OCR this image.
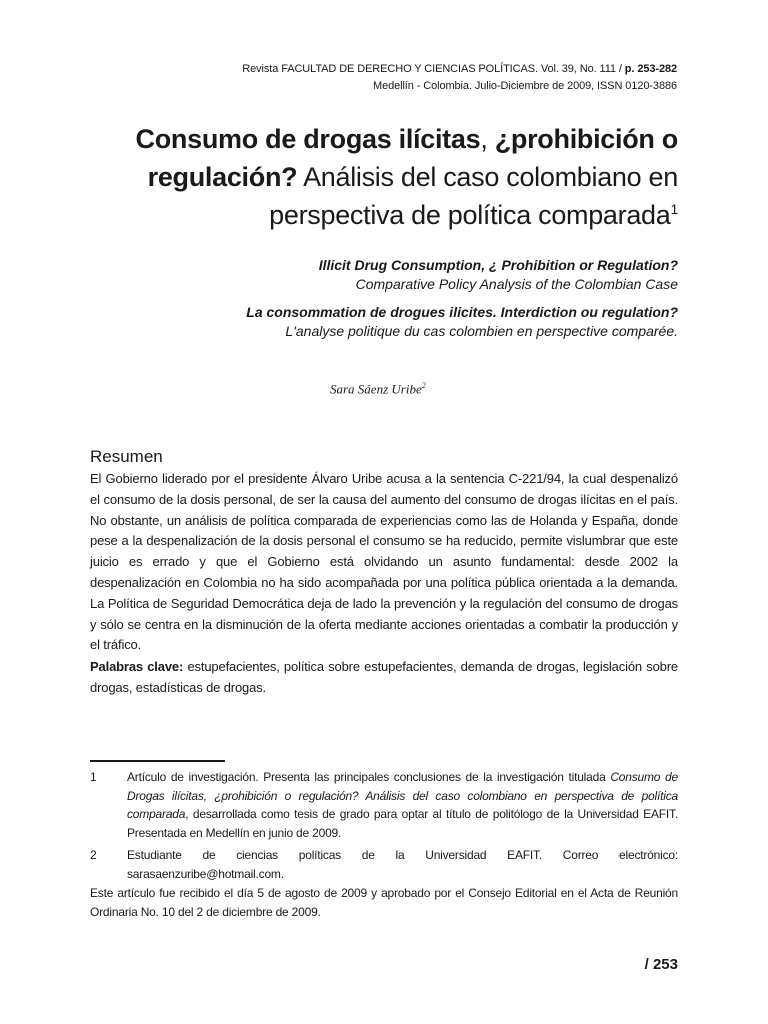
Revista FACULTAD DE DERECHO Y CIENCIAS POLÍTICAS. Vol. 39, No. 111 / p. 253-282
Medellín - Colombia. Julio-Diciembre de 2009, ISSN 0120-3886
Consumo de drogas ilícitas, ¿prohibición o regulación? Análisis del caso colombiano en perspectiva de política comparada$^1$
Illicit Drug Consumption, ¿ Prohibition or Regulation?
Comparative Policy Analysis of the Colombian Case
La consommation de drogues ilicites. Interdiction ou regulation?
L'analyse politique du cas colombien en perspective comparée.
Sara Sáenz Uribe$^2$
Resumen
El Gobierno liderado por el presidente Álvaro Uribe acusa a la sentencia C-221/94, la cual despenalizó el consumo de la dosis personal, de ser la causa del aumento del consumo de drogas ilícitas en el país. No obstante, un análisis de política comparada de experiencias como las de Holanda y España, donde pese a la despenalización de la dosis personal el consumo se ha reducido, permite vislumbrar que este juicio es errado y que el Gobierno está olvidando un asunto fundamental: desde 2002 la despenalización en Colombia no ha sido acompañada por una política pública orientada a la demanda. La Política de Seguridad Democrática deja de lado la prevención y la regulación del consumo de drogas y sólo se centra en la disminución de la oferta mediante acciones orientadas a combatir la producción y el tráfico.
Palabras clave: estupefacientes, política sobre estupefacientes, demanda de drogas, legislación sobre drogas, estadísticas de drogas.
1	Artículo de investigación. Presenta las principales conclusiones de la investigación titulada Consumo de Drogas ilícitas, ¿prohibición o regulación? Análisis del caso colombiano en perspectiva de política comparada, desarrollada como tesis de grado para optar al título de politólogo de la Universidad EAFIT. Presentada en Medellín en junio de 2009.
2	Estudiante de ciencias políticas de la Universidad EAFIT. Correo electrónico: sarasaenzuribe@hotmail.com.
Este artículo fue recibido el día 5 de agosto de 2009 y aprobado por el Consejo Editorial en el Acta de Reunión Ordinaria No. 10 del 2 de diciembre de 2009.
/ 253
